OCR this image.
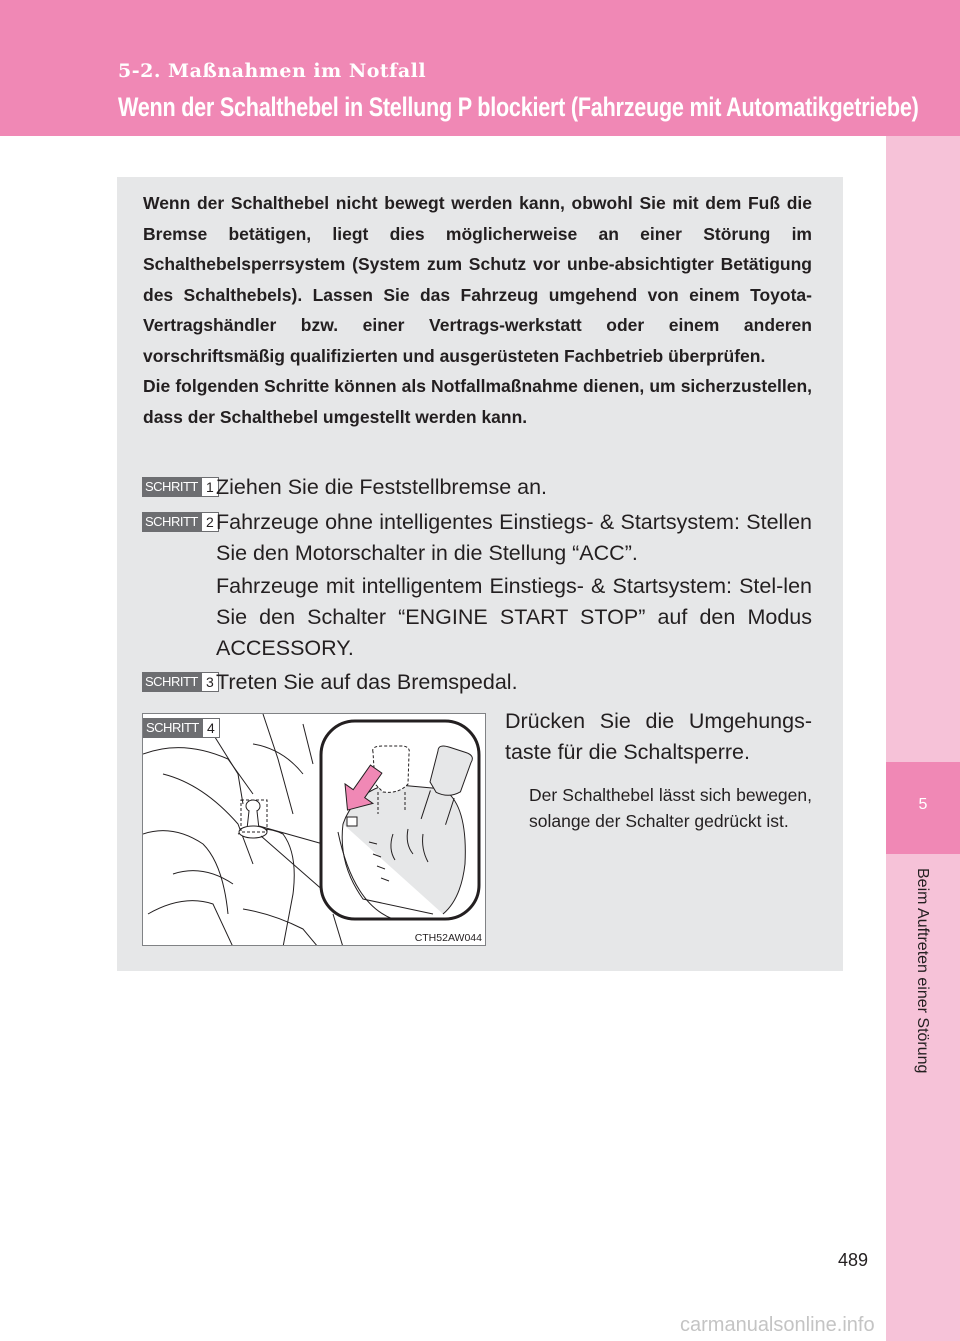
5-2. Maßnahmen im Notfall
Wenn der Schalthebel in Stellung P blockiert (Fahrzeuge mit Automatikgetriebe)
5
Beim Auftreten einer Störung

Wenn der Schalthebel nicht bewegt werden kann, obwohl Sie mit dem Fuß die Bremse betätigen, liegt dies möglicherweise an einer Störung im Schalthebelsperrsystem (System zum Schutz vor unbe-absichtigter Betätigung des Schalthebels). Lassen Sie das Fahrzeug umgehend von einem Toyota-Vertragshändler bzw. einer Vertrags-werkstatt oder einem anderen vorschriftsmäßig qualifizierten und ausgerüsteten Fachbetrieb überprüfen.

Die folgenden Schritte können als Notfallmaßnahme dienen, um sicherzustellen, dass der Schalthebel umgestellt werden kann.

SCHRITT 1 Ziehen Sie die Feststellbremse an.

SCHRITT 2 Fahrzeuge ohne intelligentes Einstiegs- & Startsystem: Stellen Sie den Motorschalter in die Stellung “ACC”.

Fahrzeuge mit intelligentem Einstiegs- & Startsystem: Stel-len Sie den Schalter “ENGINE START STOP” auf den Modus ACCESSORY.

SCHRITT 3 Treten Sie auf das Bremspedal.

SCHRITT 4
CTH52AW044

Drücken Sie die Umgehungs-taste für die Schaltsperre.

Der Schalthebel lässt sich bewegen, solange der Schalter gedrückt ist.

489
carmanualsonline.info
